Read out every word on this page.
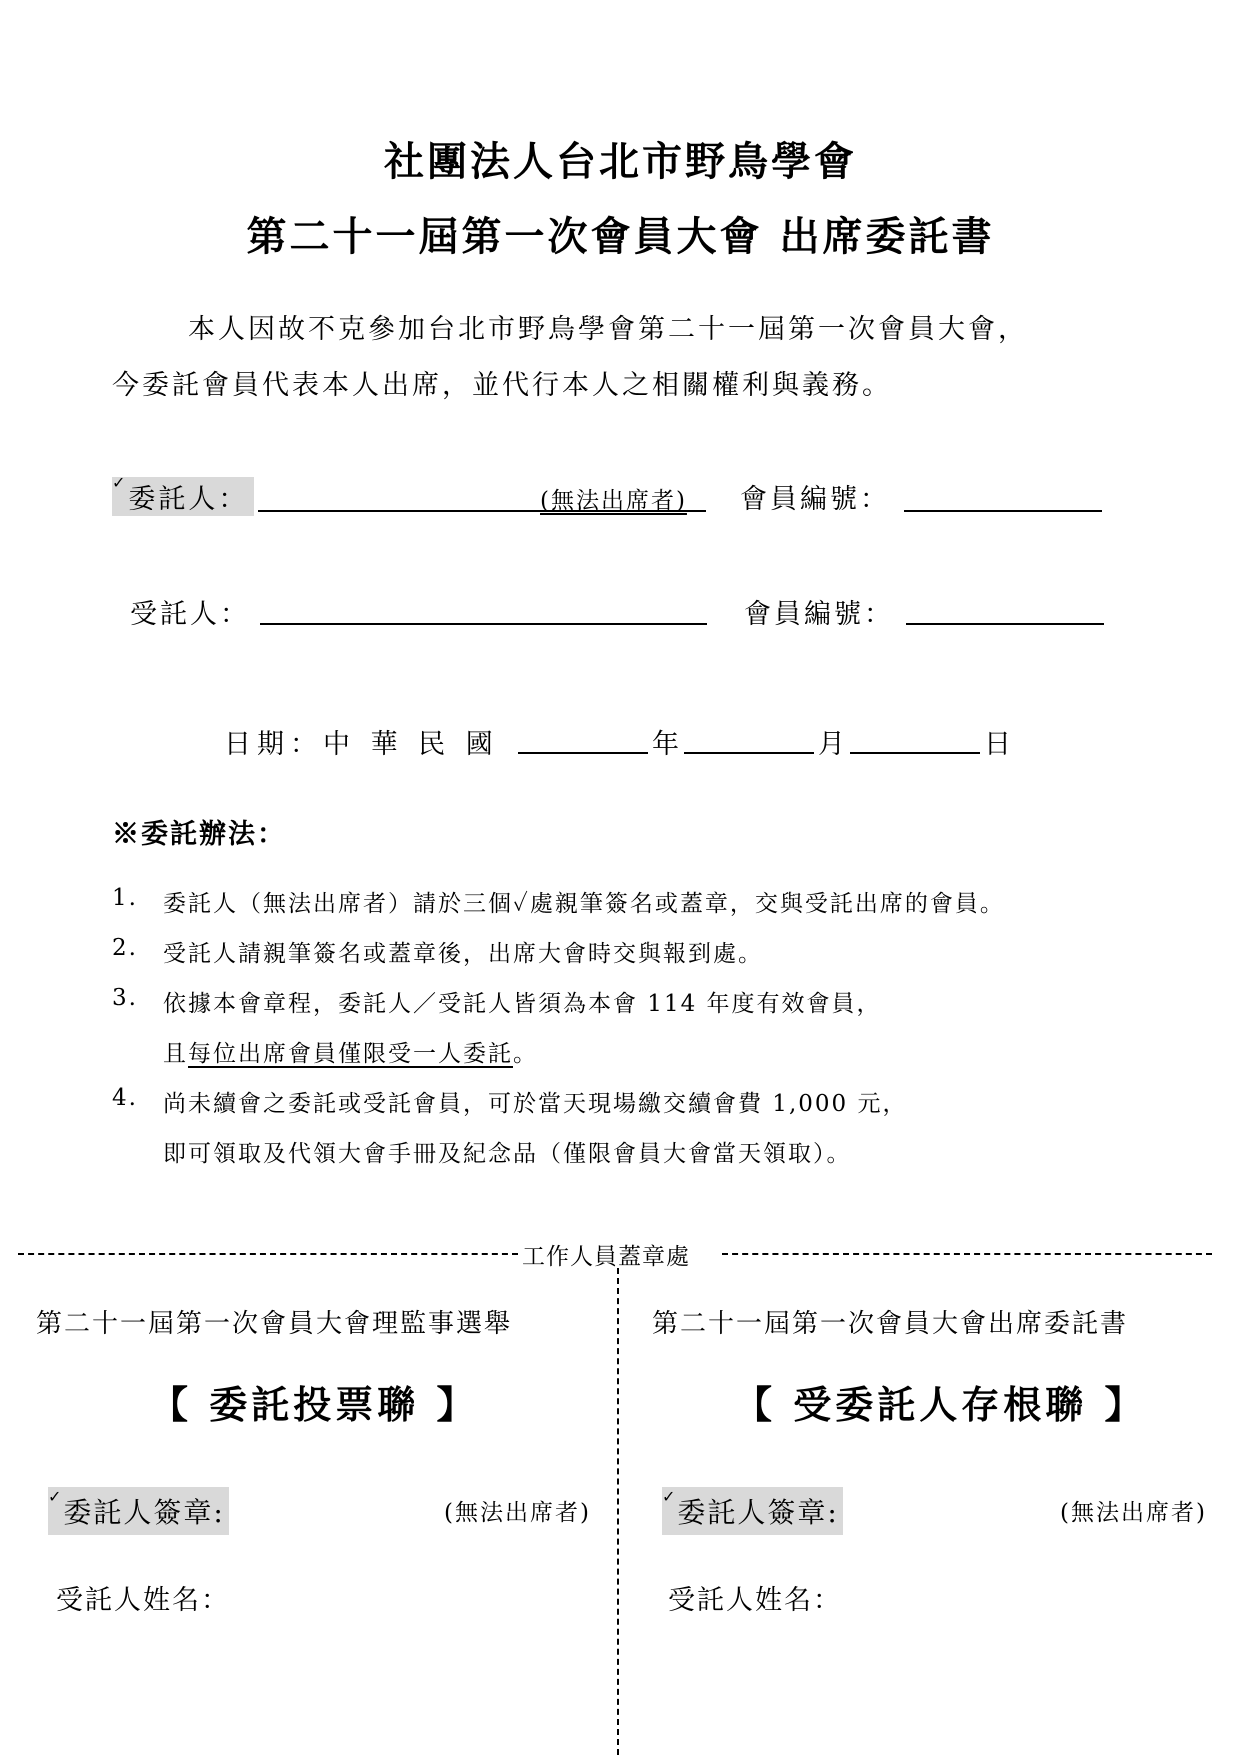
社團法人台北市野鳥學會
第二十一屆第一次會員大會 出席委託書
本人因故不克參加台北市野鳥學會第二十一屆第一次會員大會，
今委託會員代表本人出席，並代行本人之相關權利與義務。
✓委託人：	(無法出席者) 會員編號：
受託人：	會員編號：
日期：中 華 民 國	年	月	日
※委託辦法：
1. 委託人（無法出席者）請於三個✓處親筆簽名或蓋章，交與受託出席的會員。
2. 受託人請親筆簽名或蓋章後，出席大會時交與報到處。
3. 依據本會章程，委託人／受託人皆須為本會 114 年度有效會員，
且每位出席會員僅限受一人委託。
4. 尚未續會之委託或受託會員，可於當天現場繳交續會費 1,000 元，
即可領取及代領大會手冊及紀念品（僅限會員大會當天領取）。
工作人員蓋章處
第二十一屆第一次會員大會理監事選舉
【 委託投票聯 】
✓委託人簽章:	(無法出席者)
受託人姓名：
第二十一屆第一次會員大會出席委託書
【 受委託人存根聯 】
✓委託人簽章:	(無法出席者)
受託人姓名：
